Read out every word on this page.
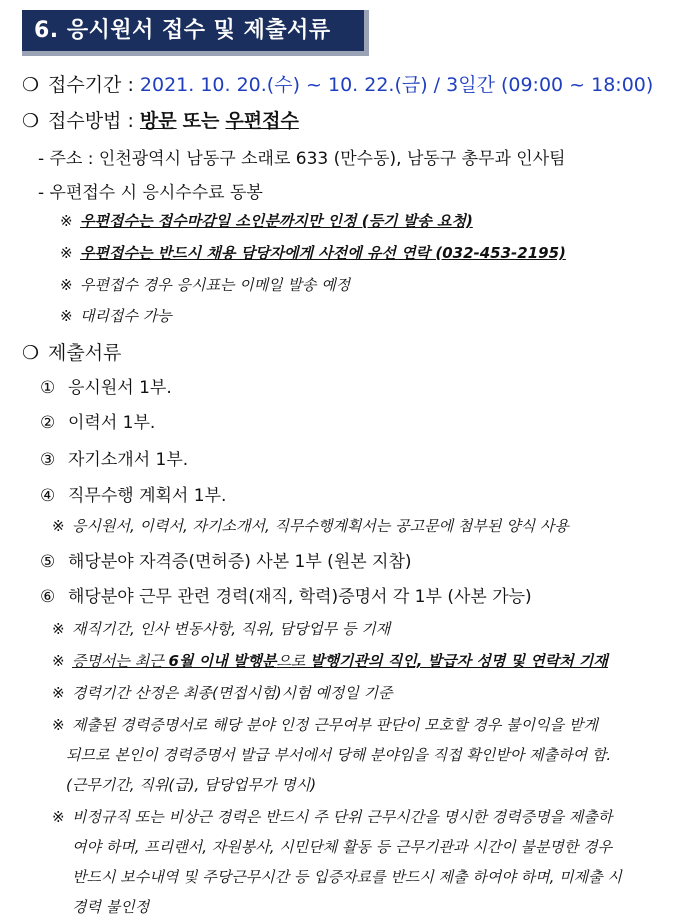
6. 응시원서 접수 및 제출서류
❍ 접수기간 : 2021. 10. 20.(수) ~ 10. 22.(금) / 3일간 (09:00 ~ 18:00)
❍ 접수방법 : 방문 또는 우편접수
- 주소 : 인천광역시 남동구 소래로 633 (만수동), 남동구 총무과 인사팀
- 우편접수 시 응시수수료 동봉
※ 우편접수는 접수마감일 소인분까지만 인정 (등기 발송 요청)
※ 우편접수는 반드시 채용 담당자에게 사전에 유선 연락 (032-453-2195)
※ 우편접수 경우 응시표는 이메일 발송 예정
※ 대리접수 가능
❍ 제출서류
① 응시원서 1부.
② 이력서 1부.
③ 자기소개서 1부.
④ 직무수행 계획서 1부.
※ 응시원서, 이력서, 자기소개서, 직무수행계획서는 공고문에 첨부된 양식 사용
⑤ 해당분야 자격증(면허증) 사본 1부 (원본 지참)
⑥ 해당분야 근무 관련 경력(재직, 학력)증명서 각 1부 (사본 가능)
※ 재직기간, 인사 변동사항, 직위, 담당업무 등 기재
※ 증명서는 최근 6월 이내 발행분으로 발행기관의 직인, 발급자 성명 및 연락처 기재
※ 경력기간 산정은 최종(면접시험)시험 예정일 기준
※ 제출된 경력증명서로 해당 분야 인정 근무여부 판단이 모호할 경우 불이익을 받게
되므로 본인이 경력증명서 발급 부서에서 당해 분야임을 직접 확인받아 제출하여 함.
(근무기간, 직위(급), 담당업무가 명시)
※ 비정규직 또는 비상근 경력은 반드시 주 단위 근무시간을 명시한 경력증명을 제출하
여야 하며, 프리랜서, 자원봉사, 시민단체 활동 등 근무기관과 시간이 불분명한 경우
반드시 보수내역 및 주당근무시간 등 입증자료를 반드시 제출 하여야 하며, 미제출 시
경력 불인정
